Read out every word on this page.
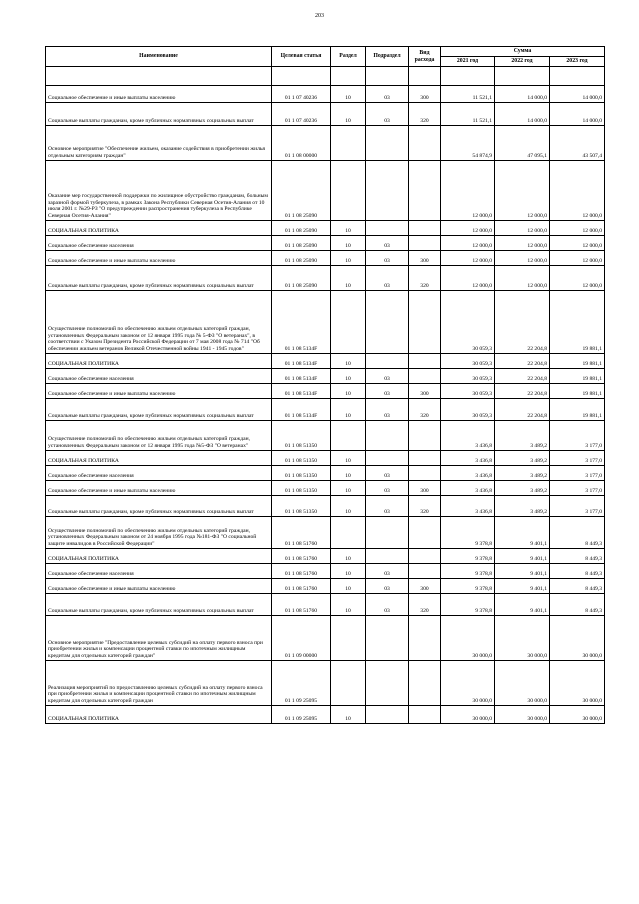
203
Наименование	Целевая статья	Раздел	Подраздел	Вид расхода	Сумма		
					2021 год	2022 год	2023 год

Социальное обеспечение и иные выплаты населению	01 1 07 40236	10	03	300	11 521,1	14 000,0	14 000,0
Социальные выплаты гражданам, кроме публичных нормативных социальных выплат	01 1 07 40236	10	03	320	11 521,1	14 000,0	14 000,0
Основное мероприятие "Обеспечение жильем, оказание содействия в приобретении жилья отдельным категориям граждан"	01 1 08 00000				54 874,9	47 095,1	43 507,4
Оказание мер государственной поддержки по жилищное обустройство гражданам, больным заразной формой туберкулеза, в рамках Закона Республики Северная Осетия-Алания от 10 июля 2001 г. №29-РЗ "О предупреждении распространения туберкулеза в Республике Северная Осетия-Алания"	01 1 08 25090				12 000,0	12 000,0	12 000,0
СОЦИАЛЬНАЯ ПОЛИТИКА	01 1 08 25090	10			12 000,0	12 000,0	12 000,0
Социальное обеспечение населения	01 1 08 25090	10	03		12 000,0	12 000,0	12 000,0
Социальное обеспечение и иные выплаты населению	01 1 08 25090	10	03	300	12 000,0	12 000,0	12 000,0
Социальные выплаты гражданам, кроме публичных нормативных социальных выплат	01 1 08 25090	10	03	320	12 000,0	12 000,0	12 000,0
Осуществление полномочий по обеспечению жильем отдельных категорий граждан, установленных Федеральным законом от 12 января 1995 года № 5-ФЗ "О ветеранах", в соответствии с Указом Президента Российской Федерации от 7 мая 2008 года № 714 "Об обеспечении жильем ветеранов Великой Отечественной войны 1941 - 1945 годов"	01 1 08 5134F				30 059,3	22 204,8	19 881,1
СОЦИАЛЬНАЯ ПОЛИТИКА	01 1 08 5134F	10			30 059,3	22 204,8	19 881,1
Социальное обеспечение населения	01 1 08 5134F	10	03		30 059,3	22 204,8	19 881,1
Социальное обеспечение и иные выплаты населению	01 1 08 5134F	10	03	300	30 059,3	22 204,8	19 881,1
Социальные выплаты гражданам, кроме публичных нормативных социальных выплат	01 1 08 5134F	10	03	320	30 059,3	22 204,8	19 881,1
Осуществление полномочий по обеспечению жильем отдельных категорий граждан, установленных Федеральным законом от 12 января 1995 года №5-ФЗ "О ветеранах"	01 1 08 51350				3 436,8	3 489,2	3 177,0
СОЦИАЛЬНАЯ ПОЛИТИКА	01 1 08 51350	10			3 436,8	3 489,2	3 177,0
Социальное обеспечение населения	01 1 08 51350	10	03		3 436,8	3 489,2	3 177,0
Социальное обеспечение и иные выплаты населению	01 1 08 51350	10	03	300	3 436,8	3 489,2	3 177,0
Социальные выплаты гражданам, кроме публичных нормативных социальных выплат	01 1 08 51350	10	03	320	3 436,8	3 489,2	3 177,0
Осуществление полномочий по обеспечению жильем отдельных категорий граждан, установленных Федеральным законом от 24 ноября 1995 года №181-ФЗ "О социальной защите инвалидов в Российской Федерации"	01 1 08 51760				9 378,8	9 401,1	8 449,3
СОЦИАЛЬНАЯ ПОЛИТИКА	01 1 08 51760	10			9 378,8	9 401,1	8 449,3
Социальное обеспечение населения	01 1 08 51760	10	03		9 378,8	9 401,1	8 449,3
Социальное обеспечение и иные выплаты населению	01 1 08 51760	10	03	300	9 378,8	9 401,1	8 449,3
Социальные выплаты гражданам, кроме публичных нормативных социальных выплат	01 1 08 51760	10	03	320	9 378,8	9 401,1	8 449,3
Основное мероприятие "Предоставление целевых субсидий на оплату первого взноса при приобретении жилья и компенсации процентной ставки по ипотечным жилищным кредитам для отдельных категорий граждан"	01 1 09 00000				30 000,0	30 000,0	30 000,0
Реализация мероприятий по предоставлению целевых субсидий на оплату первого взноса при приобретении жилья и компенсации процентной ставки по ипотечным жилищным кредитам для отдельных категорий граждан	01 1 09 25095				30 000,0	30 000,0	30 000,0
СОЦИАЛЬНАЯ ПОЛИТИКА	01 1 09 25095	10			30 000,0	30 000,0	30 000,0
